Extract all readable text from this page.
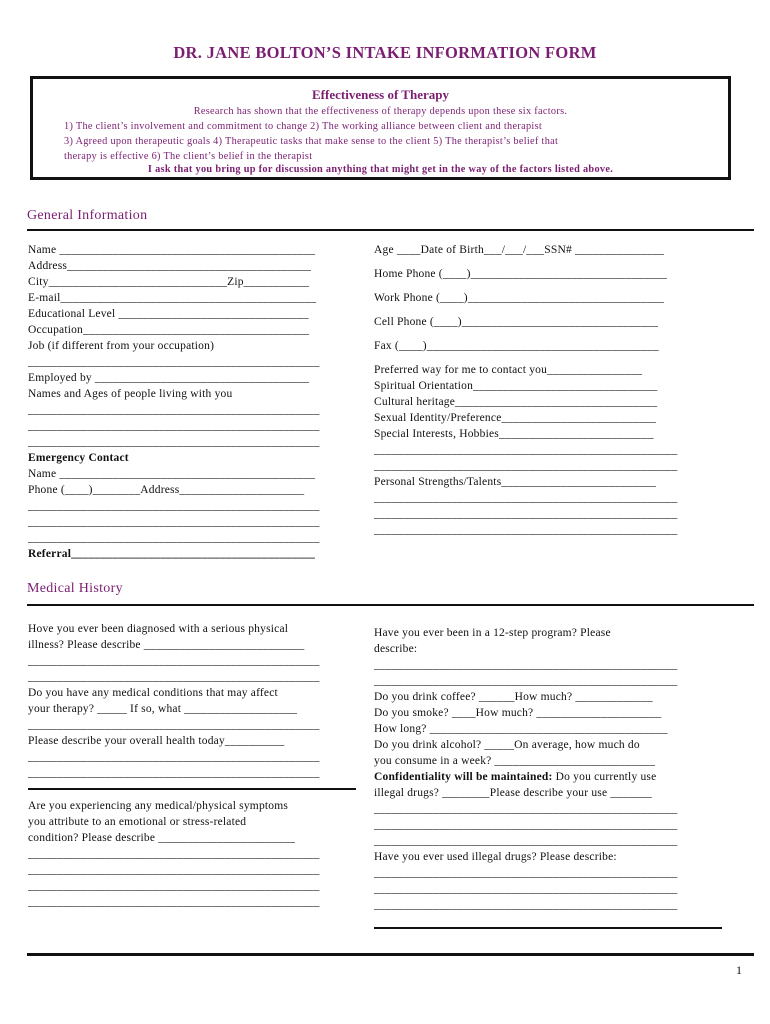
DR. JANE BOLTON’S INTAKE INFORMATION FORM
Effectiveness of Therapy
Research has shown that the effectiveness of therapy depends upon these six factors.
1) The client’s involvement and commitment to change 2) The working alliance between client and therapist
3) Agreed upon therapeutic goals 4) Therapeutic tasks that make sense to the client 5) The therapist’s belief that
therapy is effective 6) The client’s belief in the therapist
I ask that you bring up for discussion anything that might get in the way of the factors listed above.
General Information
Name ___________________________________________
Address_________________________________________
City______________________________Zip___________
E-mail___________________________________________
Educational Level ________________________________
Occupation______________________________________
Job (if different from your occupation)
_________________________________________________
Employed by ____________________________________
Names and Ages of people living with you
_________________________________________________
_________________________________________________
_________________________________________________
Emergency Contact
Name ___________________________________________
Phone (____)________Address_____________________
_________________________________________________
_________________________________________________
_________________________________________________
Referral_________________________________________
Age ____Date of Birth___/___/___SSN# _______________
Home Phone (____)_________________________________
Work Phone (____)_________________________________
Cell Phone (____)_________________________________
Fax (____)_______________________________________
Preferred way for me to contact you________________
Spiritual Orientation_______________________________
Cultural heritage__________________________________
Sexual Identity/Preference__________________________
Special Interests, Hobbies__________________________
___________________________________________________
___________________________________________________
Personal Strengths/Talents__________________________
___________________________________________________
___________________________________________________
___________________________________________________
Medical History
Hove you ever been diagnosed with a serious physical
illness? Please describe ___________________________
_________________________________________________
_________________________________________________
Do you have any medical conditions that may affect
your therapy? _____ If so, what ___________________
_________________________________________________
Please describe your overall health today__________
_________________________________________________
_________________________________________________
Are you experiencing any medical/physical symptoms
you attribute to an emotional or stress-related
condition? Please describe _______________________
_________________________________________________
_________________________________________________
_________________________________________________
_________________________________________________
Have you ever been in a 12-step program? Please
describe:
___________________________________________________
___________________________________________________
Do you drink coffee? ______How much? _____________
Do you smoke? ____How much? _____________________
How long? ________________________________________
Do you drink alcohol? _____On average, how much do
you consume in a week? ___________________________
Confidentiality will be maintained: Do you currently use
illegal drugs? ________Please describe your use _______
___________________________________________________
___________________________________________________
___________________________________________________
Have you ever used illegal drugs? Please describe:
___________________________________________________
___________________________________________________
___________________________________________________
1
